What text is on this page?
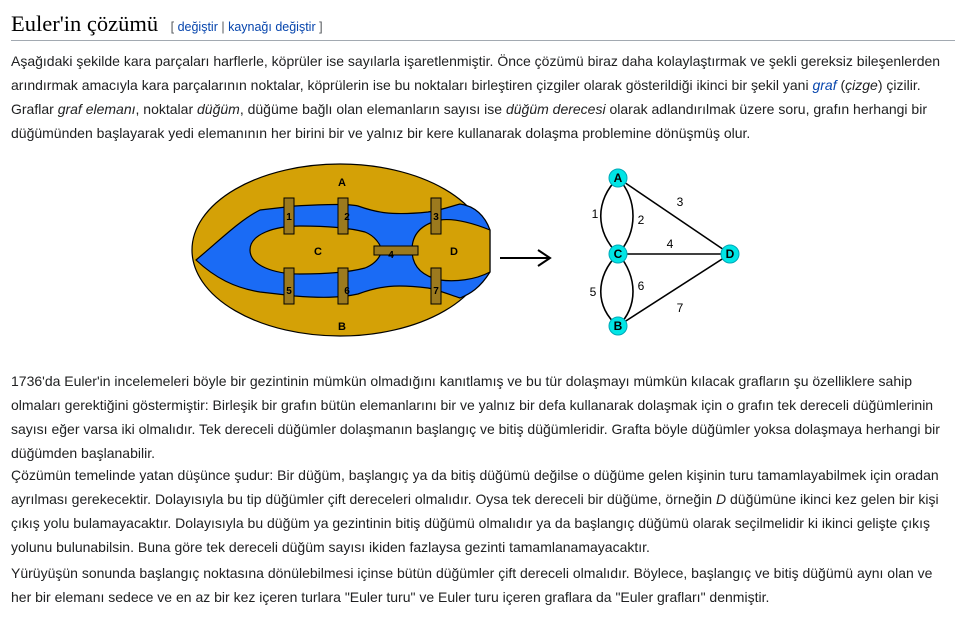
Euler'in çözümü [ değiştir | kaynağı değiştir ]

Aşağıdaki şekilde kara parçaları harflerle, köprüler ise sayılarla işaretlenmiştir. Önce çözümü biraz daha kolaylaştırmak ve şekli gereksiz bileşenlerden arındırmak amacıyla kara parçalarının noktalar, köprülerin ise bu noktaları birleştiren çizgiler olarak gösterildiği ikinci bir şekil yani graf (çizge) çizilir. Graflar graf elemanı, noktalar düğüm, düğüme bağlı olan elemanların sayısı ise düğüm derecesi olarak adlandırılmak üzere soru, grafın herhangi bir düğümünden başlayarak yedi elemanının her birini bir ve yalnız bir kere kullanarak dolaşma problemine dönüşmüş olur.

A
B
C	D
1	2	3
4
5	6	7
A
B
C	D
1	2
3
4
5	6
7

1736'da Euler'in incelemeleri böyle bir gezintinin mümkün olmadığını kanıtlamış ve bu tür dolaşmayı mümkün kılacak grafların şu özelliklere sahip olmaları gerektiğini göstermiştir: Birleşik bir grafın bütün elemanlarını bir ve yalnız bir defa kullanarak dolaşmak için o grafın tek dereceli düğümlerinin sayısı eğer varsa iki olmalıdır. Tek dereceli düğümler dolaşmanın başlangıç ve bitiş düğümleridir. Grafta böyle düğümler yoksa dolaşmaya herhangi bir düğümden başlanabilir.

Çözümün temelinde yatan düşünce şudur: Bir düğüm, başlangıç ya da bitiş düğümü değilse o düğüme gelen kişinin turu tamamlayabilmek için oradan ayrılması gerekecektir. Dolayısıyla bu tip düğümler çift dereceleri olmalıdır. Oysa tek dereceli bir düğüme, örneğin D düğümüne ikinci kez gelen bir kişi çıkış yolu bulamayacaktır. Dolayısıyla bu düğüm ya gezintinin bitiş düğümü olmalıdır ya da başlangıç düğümü olarak seçilmelidir ki ikinci gelişte çıkış yolunu bulunabilsin. Buna göre tek dereceli düğüm sayısı ikiden fazlaysa gezinti tamamlanamayacaktır.

Yürüyüşün sonunda başlangıç noktasına dönülebilmesi içinse bütün düğümler çift dereceli olmalıdır. Böylece, başlangıç ve bitiş düğümü aynı olan ve her bir elemanı sedece ve en az bir kez içeren turlara "Euler turu" ve Euler turu içeren graflara da "Euler grafları" denmiştir.
